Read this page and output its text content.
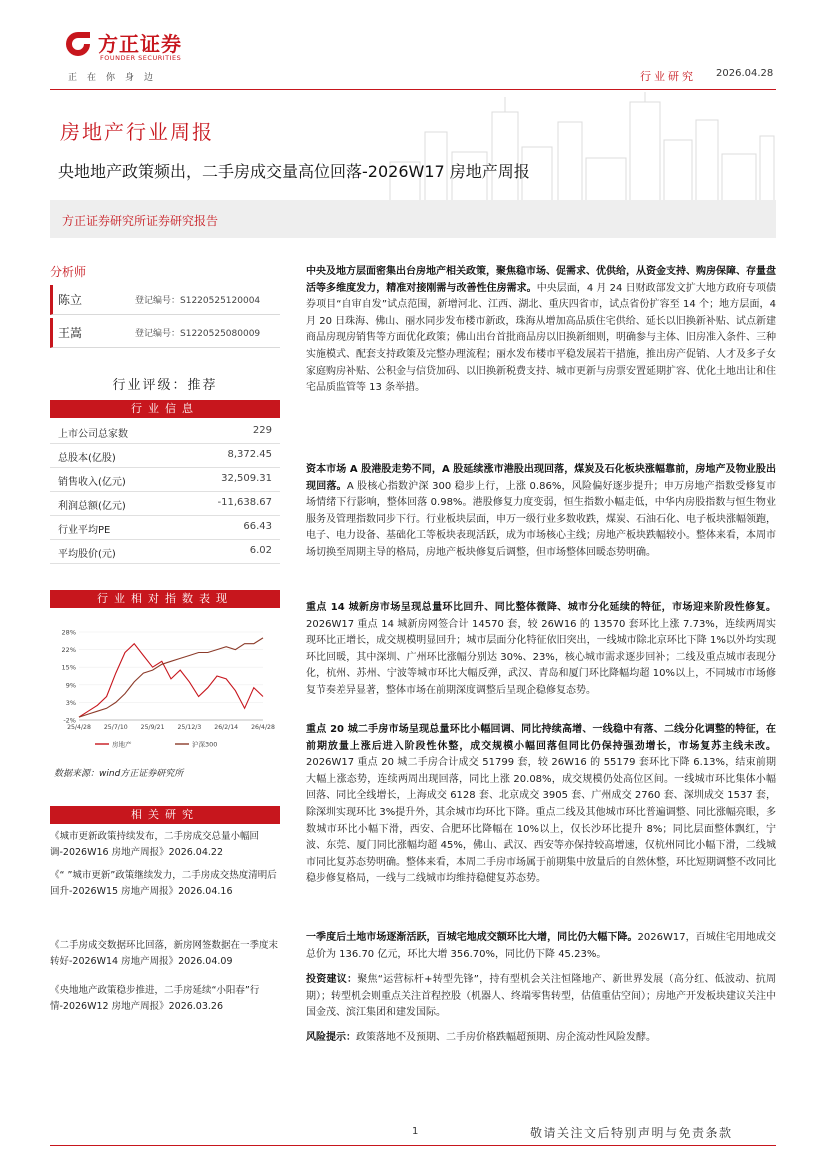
方正证券
FOUNDER SECURITIES
正在你身边	行业研究 2026.04.28
房地产行业周报
央地地产政策频出，二手房成交量高位回落-2026W17 房地产周报
方正证券研究所证券研究报告
分析师
陈立	登记编号：S1220525120004
王嵩	登记编号：S1220525080009
行业评级：推荐
行业信息
上市公司总家数	229
总股本(亿股)	8,372.45
销售收入(亿元)	32,509.31
利润总额(亿元)	-11,638.67
行业平均PE	66.43
平均股价(元)	6.02
行业相对指数表现
28%
22%
15%
9%
3%
-2%
25/4/28 25/7/10 25/9/21 25/12/3 26/2/14 26/4/28
房地产	沪深300
数据来源：wind方正证券研究所
相关研究
《城市更新政策持续发布，二手房成交总量小幅回调-2026W16 房地产周报》2026.04.22
《“ ”城市更新”政策继续发力，二手房成交热度清明后回升-2026W15 房地产周报》2026.04.16
《二手房成交数据环比回落，新房网签数据在一季度末转好-2026W14 房地产周报》2026.04.09
《央地地产政策稳步推进，二手房延续“小阳春”行情-2026W12 房地产周报》2026.03.26
中央及地方层面密集出台房地产相关政策，聚焦稳市场、促需求、优供给，从资金支持、购房保障、存量盘活等多维度发力，精准对接刚需与改善性住房需求。中央层面，4 月 24 日财政部发文扩大地方政府专项债券项目“自审自发”试点范围，新增河北、江西、湖北、重庆四省市，试点省份扩容至 14 个；地方层面，4 月 20 日珠海、佛山、丽水同步发布楼市新政，珠海从增加高品质住宅供给、延长以旧换新补贴、试点新建商品房现房销售等方面优化政策；佛山出台首批商品房以旧换新细则，明确参与主体、旧房准入条件、三种实施模式、配套支持政策及完整办理流程；丽水发布楼市平稳发展若干措施，推出房产促销、人才及多子女家庭购房补贴、公积金与信贷加码、以旧换新税费支持、城市更新与房票安置延期扩容、优化土地出让和住宅品质监管等 13 条举措。
资本市场 A 股港股走势不同，A 股延续涨市港股出现回落，煤炭及石化板块涨幅靠前，房地产及物业股出现回落。A 股核心指数沪深 300 稳步上行，上涨 0.86%，风险偏好逐步提升；申万房地产指数受修复市场情绪下行影响，整体回落 0.98%。港股修复力度变弱，恒生指数小幅走低，中华内房股指数与恒生物业服务及管理指数同步下行。行业板块层面，申万一级行业多数收跌，煤炭、石油石化、电子板块涨幅领跑，电子、电力设备、基础化工等板块表现活跃，成为市场核心主线；房地产板块跌幅较小。整体来看，本周市场切换至周期主导的格局，房地产板块修复后调整，但市场整体回暖态势明确。
重点 14 城新房市场呈现总量环比回升、同比整体微降、城市分化延续的特征，市场迎来阶段性修复。2026W17 重点 14 城新房网签合计 14570 套，较 26W16 的 13570 套环比上涨 7.73%，连续两周实现环比正增长，成交规模明显回升；城市层面分化特征依旧突出，一线城市除北京环比下降 1%以外均实现环比回暖，其中深圳、广州环比涨幅分别达 30%、23%，核心城市需求逐步回补；二线及重点城市表现分化，杭州、苏州、宁波等城市环比大幅反弹，武汉、青岛和厦门环比降幅均超 10%以上，不同城市市场修复节奏差异显著，整体市场在前期深度调整后呈现企稳修复态势。
重点 20 城二手房市场呈现总量环比小幅回调、同比持续高增、一线稳中有落、二线分化调整的特征，在前期放量上涨后进入阶段性休整，成交规模小幅回落但同比仍保持强劲增长，市场复苏主线未改。2026W17 重点 20 城二手房合计成交 51799 套，较 26W16 的 55179 套环比下降 6.13%，结束前期大幅上涨态势，连续两周出现回落，同比上涨 20.08%，成交规模仍处高位区间。一线城市环比集体小幅回落、同比全线增长，上海成交 6128 套、北京成交 3905 套、广州成交 2760 套、深圳成交 1537 套，除深圳实现环比 3%提升外，其余城市均环比下降。重点二线及其他城市环比普遍调整、同比涨幅亮眼，多数城市环比小幅下滑，西安、合肥环比降幅在 10%以上，仅长沙环比提升 8%；同比层面整体飘红，宁波、东莞、厦门同比涨幅均超 45%，佛山、武汉、西安等亦保持较高增速，仅杭州同比小幅下滑，二线城市同比复苏态势明确。整体来看，本周二手房市场属于前期集中放量后的自然休整，环比短期调整不改同比稳步修复格局，一线与二线城市均维持稳健复苏态势。
一季度后土地市场逐渐活跃，百城宅地成交额环比大增，同比仍大幅下降。2026W17，百城住宅用地成交总价为 136.70 亿元，环比大增 356.70%，同比仍下降 45.23%。
投资建议：聚焦“运营标杆+转型先锋”，持有型机会关注恒隆地产、新世界发展（高分红、低波动、抗周期）；转型机会则重点关注首程控股（机器人、终端零售转型，估值重估空间）；房地产开发板块建议关注中国金茂、滨江集团和建发国际。
风险提示：政策落地不及预期、二手房价格跌幅超预期、房企流动性风险发酵。
1	敬请关注文后特别声明与免责条款
